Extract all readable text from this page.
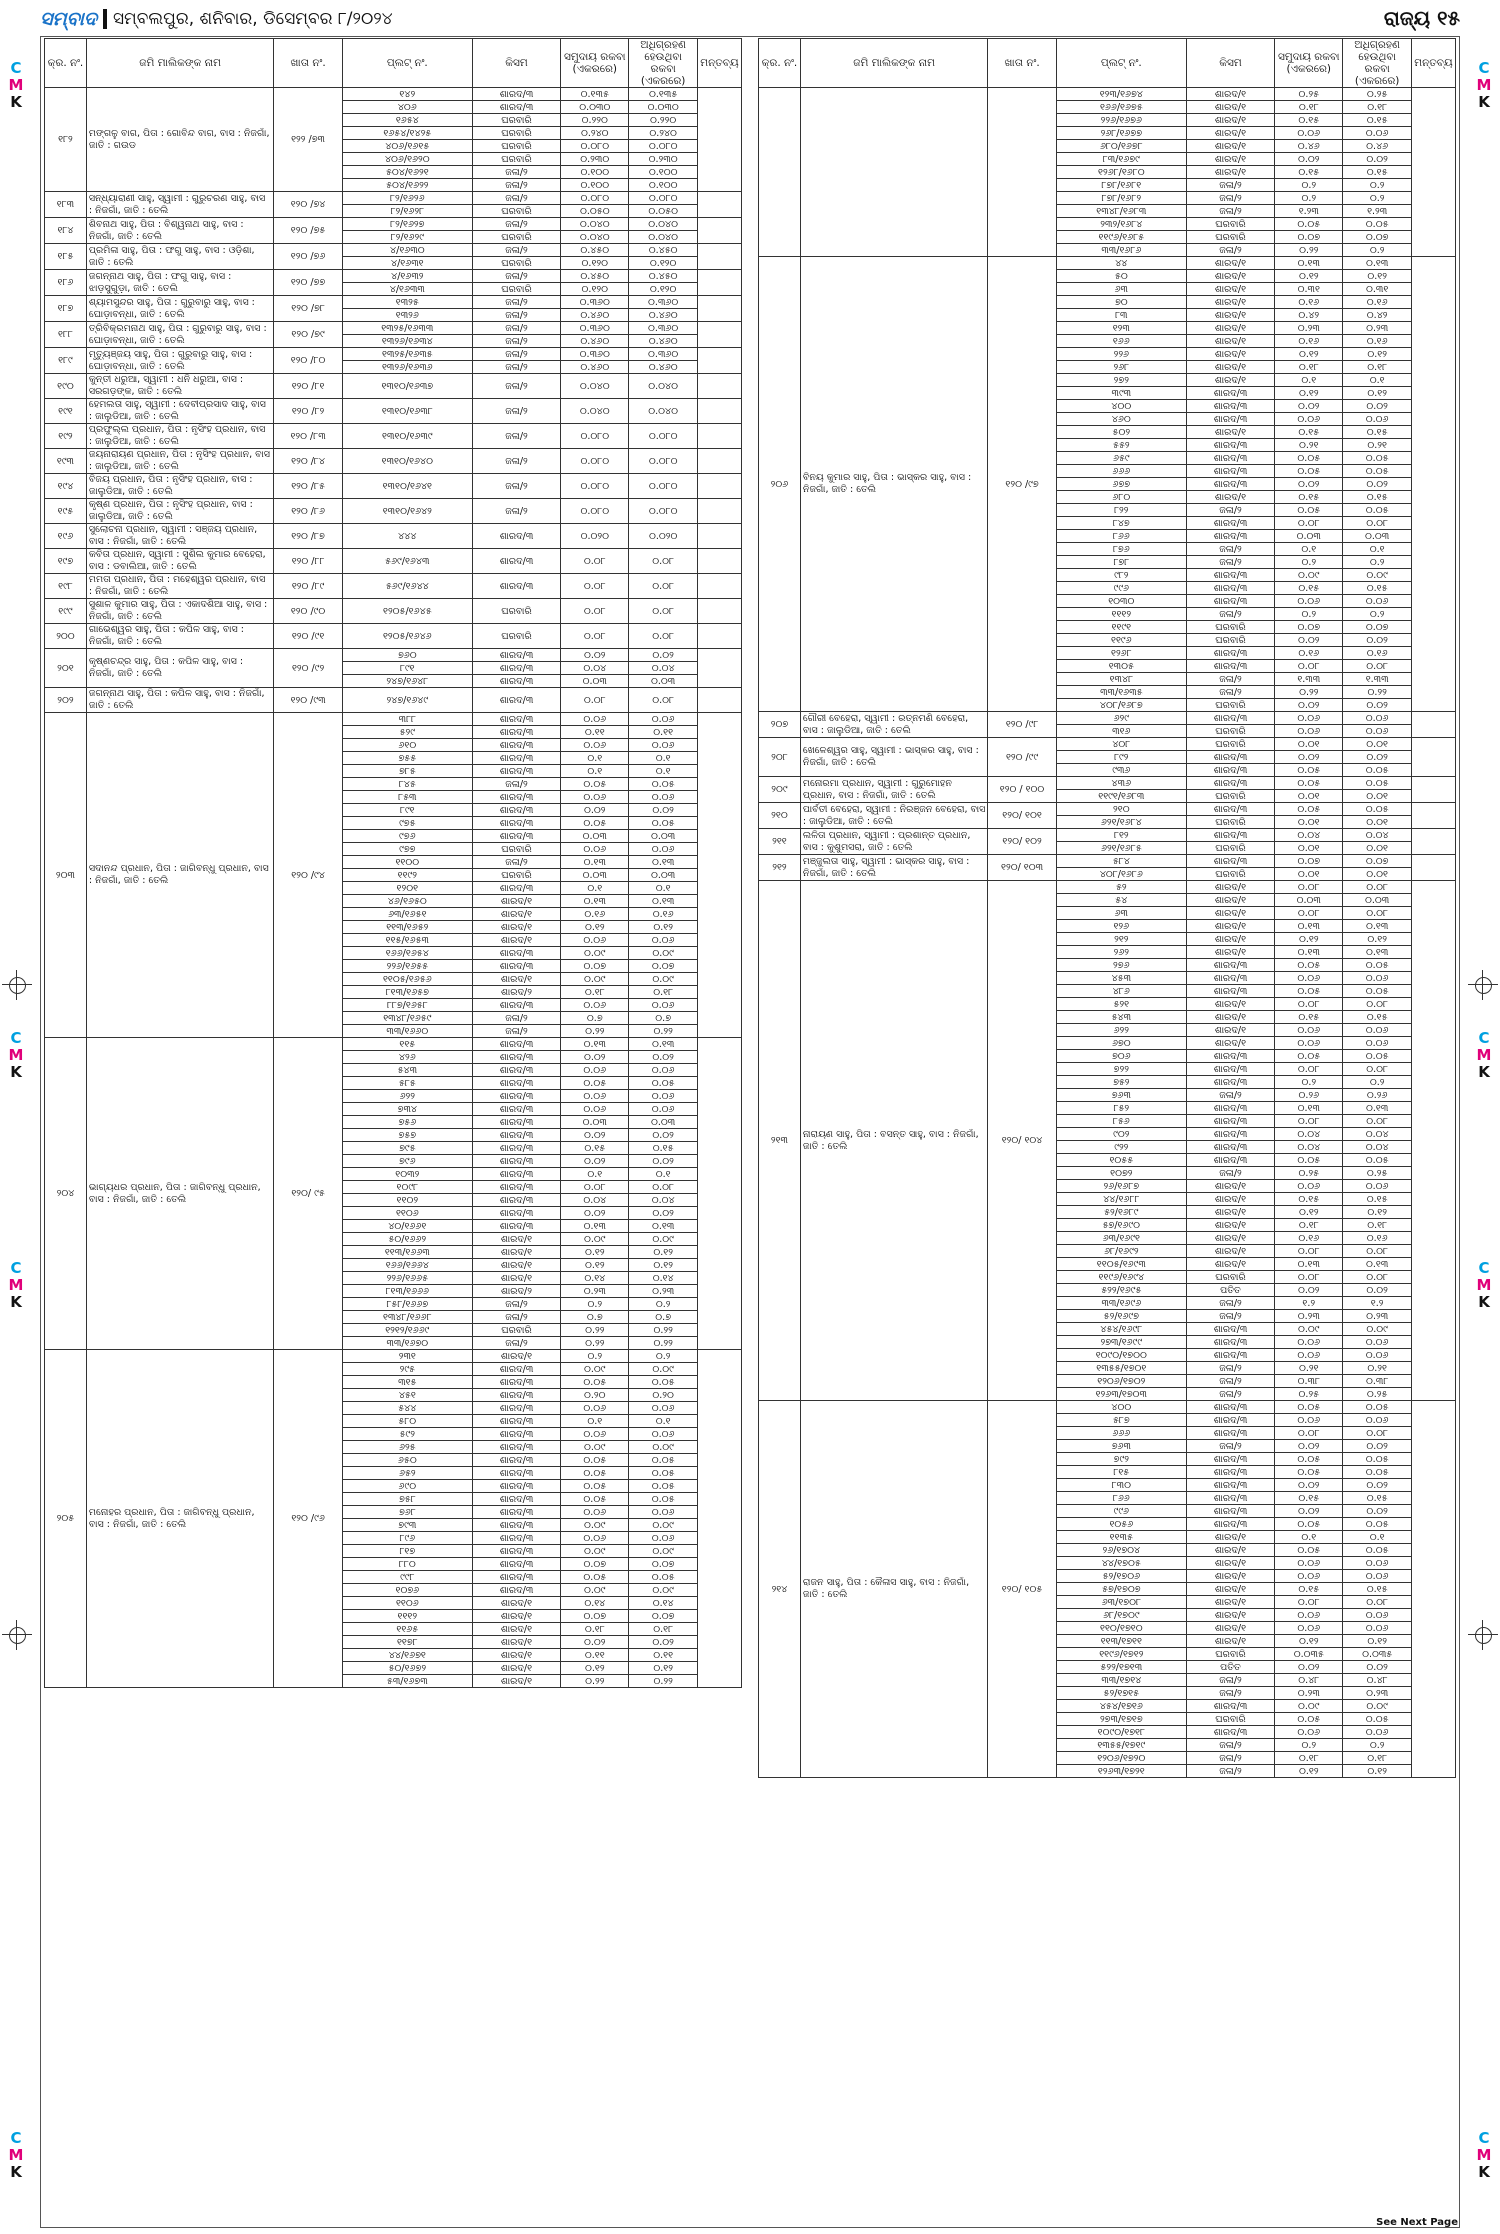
ସମ୍ବାଦ ସମ୍ବଲପୁର, ଶନିବାର, ଡିସେମ୍ବର ୮/୨୦୨୪	ରାଜ୍ୟ ୧୫
କ୍ର. ନଂ.	ଜମି ମାଲିକଙ୍କ ନାମ	ଖାତା ନଂ.	ପ୍ଲଟ୍ ନଂ.	କିସମ	ସମୁଦାୟ ରକବା (ଏକରରେ)	ଅଧିଗ୍ରହଣ ହେଉଥିବା ରକବା (ଏକରରେ)	ମନ୍ତବ୍ୟ
୧୮୨	ମଙ୍ଗଳୁ ବାଗ, ପିତା : ଗୋବିନ୍ଦ ବାଗ, ବାସ : ନିଜଗାଁ, ଜାତି : ଗଉଡ	୧୨୨ /୭୩	୧୪୨	ଶାରଦ/୩	୦.୧୩୫	୦.୧୩୫	
			୪୦୬	ଶାରଦ/୩	୦.୦୩୦	୦.୦୩୦	
			୧୬୫୪	ଘରବାରି	୦.୨୨୦	୦.୨୨୦	
			୧୬୫୪/୧୪୨୫	ଘରବାରି	୦.୨୪୦	୦.୨୪୦	
			୪୦୬/୧୬୧୫	ଘରବାରି	୦.୦୮୦	୦.୦୮୦	
			୪୦୬/୧୬୨୦	ଘରବାରି	୦.୨୩୦	୦.୨୩୦	
			୫୦୪/୧୬୨୧	ଜଳା/୨	୦.୧୦୦	୦.୧୦୦	
			୫୦୪/୧୬୨୨	ଜଳା/୨	୦.୧୦୦	୦.୧୦୦	
୧୮୩	ସନ୍ଧ୍ୟାରାଣୀ ସାହୁ, ସ୍ୱାମୀ : ଗୁରୁଚରଣ ସାହୁ, ବାସ : ନିଜଗାଁ, ଜାତି : ତେଲି	୧୨୦ /୭୪	୮୨/୧୬୨୬	ଜଳା/୨	୦.୦୮୦	୦.୦୮୦	
			୮୨/୧୬୨୮	ଘରବାରି	୦.୦୫୦	୦.୦୫୦	
୧୮୪	ଶିବନାଥ ସାହୁ, ପିତା : ବିଶ୍ୱନାଥ ସାହୁ, ବାସ : ନିଜଗାଁ, ଜାତି : ତେଲି	୧୨୦ /୭୫	୮୨/୧୬୨୭	ଜଳା/୨	୦.୦୪୦	୦.୦୪୦	
			୮୨/୧୬୨୯	ଘରବାରି	୦.୦୪୦	୦.୦୪୦	
୧୮୫	ପ୍ରମିଳା ସାହୁ, ପିତା : ଫଗୁ ସାହୁ, ବାସ : ଓଡ଼ିଶା, ଜାତି : ତେଲି	୧୨୦ /୭୬	୪/୧୬୩୦	ଜଳା/୨	୦.୪୫୦	୦.୪୫୦	
			୪/୧୬୩୧	ଘରବାରି	୦.୧୨୦	୦.୧୨୦	
୧୮୬	ଜଗନ୍ନାଥ ସାହୁ, ପିତା : ଫଗୁ ସାହୁ, ବାସ : ଝାଡ଼ସୁଗୁଡ଼ା, ଜାତି : ତେଲି	୧୨୦ /୭୭	୪/୧୬୩୨	ଜଳା/୨	୦.୪୫୦	୦.୪୫୦	
			୪/୧୬୩୩	ଘରବାରି	୦.୧୨୦	୦.୧୨୦	
୧୮୭	ଶ୍ୟାମସୁନ୍ଦର ସାହୁ, ପିତା : ଗୁରୁବାରୁ ସାହୁ, ବାସ : ଘୋଡ଼ାବନ୍ଧା, ଜାତି : ତେଲି	୧୨୦ /୭୮	୧୩୨୫	ଜଳା/୨	୦.୩୬୦	୦.୩୬୦	
			୧୩୨୬	ଜଳା/୨	୦.୪୬୦	୦.୪୬୦	
୧୮୮	ତ୍ରିବିକ୍ରମନାଥ ସାହୁ, ପିତା : ଗୁରୁବାରୁ ସାହୁ, ବାସ : ଘୋଡ଼ାବନ୍ଧା, ଜାତି : ତେଲି	୧୨୦ /୭୯	୧୩୨୫/୧୬୩୩	ଜଳା/୨	୦.୩୬୦	୦.୩୬୦	
			୧୩୨୬/୧୬୩୪	ଜଳା/୨	୦.୪୬୦	୦.୪୬୦	
୧୮୯	ମୃତ୍ୟୁଞ୍ଜୟ ସାହୁ, ପିତା : ଗୁରୁବାରୁ ସାହୁ, ବାସ : ଘୋଡ଼ାବନ୍ଧା, ଜାତି : ତେଲି	୧୨୦ /୮୦	୧୩୨୫/୧୬୩୫	ଜଳା/୨	୦.୩୬୦	୦.୩୬୦	
			୧୩୨୬/୧୬୩୬	ଜଳା/୨	୦.୪୬୦	୦.୪୬୦	
୧୯୦	କୁନ୍ତୀ ଧରୁଆ, ସ୍ୱାମୀ : ଧନି ଧରୁଆ, ବାସ : ସରଗଡ଼ଙ୍କ, ଜାତି : ତେଲି	୧୨୦ /୮୧	୧୩୧୦/୧୬୩୭	ଜଳା/୨	୦.୦୪୦	୦.୦୪୦	
୧୯୧	ହେମଲତା ସାହୁ, ସ୍ୱାମୀ : ଦେବୀପ୍ରସାଦ ସାହୁ, ବାସ : ଜାଲୁଡିଆ, ଜାତି : ତେଲି	୧୨୦ /୮୨	୧୩୧୦/୧୬୩୮	ଜଳା/୨	୦.୦୪୦	୦.୦୪୦	
୧୯୨	ପ୍ରଫୁଲ୍ଲ ପ୍ରଧାନ, ପିତା : ନୃସିଂହ ପ୍ରଧାନ, ବାସ : ଜାଲୁଡିଆ, ଜାତି : ତେଲି	୧୨୦ /୮୩	୧୩୧୦/୧୬୩୯	ଜଳା/୨	୦.୦୮୦	୦.୦୮୦	
୧୯୩	ଜୟନାରାୟଣ ପ୍ରଧାନ, ପିତା : ନୃସିଂହ ପ୍ରଧାନ, ବାସ : ଜାଲୁଡିଆ, ଜାତି : ତେଲି	୧୨୦ /୮୪	୧୩୧୦/୧୬୪୦	ଜଳା/୨	୦.୦୮୦	୦.୦୮୦	
୧୯୪	ବିଜୟ ପ୍ରଧାନ, ପିତା : ନୃସିଂହ ପ୍ରଧାନ, ବାସ : ଜାଲୁଡିଆ, ଜାତି : ତେଲି	୧୨୦ /୮୫	୧୩୧୦/୧୬୪୧	ଜଳା/୨	୦.୦୮୦	୦.୦୮୦	
୧୯୫	କୃଷ୍ଣ ପ୍ରଧାନ, ପିତା : ନୃସିଂହ ପ୍ରଧାନ, ବାସ : ଜାଲୁଡିଆ, ଜାତି : ତେଲି	୧୨୦ /୮୬	୧୩୧୦/୧୬୪୨	ଜଳା/୨	୦.୦୮୦	୦.୦୮୦	
୧୯୬	ସୁଲୋଚନା ପ୍ରଧାନ, ସ୍ୱାମୀ : ସଞ୍ଜୟ ପ୍ରଧାନ, ବାସ : ନିଜଗାଁ, ଜାତି : ତେଲି	୧୨୦ /୮୭	୪୪୪	ଶାରଦ/୩	୦.୦୨୦	୦.୦୨୦	
୧୯୭	କବିତା ପ୍ରଧାନ, ସ୍ୱାମୀ : ସୁଶିଲ କୁମାର ବେହେରା, ବାସ : ଡବାଲିଆ, ଜାତି : ତେଲି	୧୨୦ /୮୮	୫୬୯/୧୬୪୩	ଶାରଦ/୩	୦.୦୮	୦.୦୮	
୧୯୮	ମମତା ପ୍ରଧାନ, ପିତା : ମହେଶ୍ୱର ପ୍ରଧାନ, ବାସ : ନିଜଗାଁ, ଜାତି : ତେଲି	୧୨୦ /୮୯	୫୬୯/୧୬୪୪	ଶାରଦ/୩	୦.୦୮	୦.୦୮	
୧୯୯	ସୁଶାଳ କୁମାର ସାହୁ, ପିତା : ଏକାଦଶିଆ ସାହୁ, ବାସ : ନିଜଗାଁ, ଜାତି : ତେଲି	୧୨୦ /୯୦	୧୨୦୫/୧୬୪୫	ଘରବାରି	୦.୦୮	୦.୦୮	
୨୦୦	ଗାଭେଶ୍ୱର ସାହୁ, ପିତା : କପିଳ ସାହୁ, ବାସ : ନିଜଗାଁ, ଜାତି : ତେଲି	୧୨୦ /୯୧	୧୨୦୫/୧୬୪୬	ଘରବାରି	୦.୦୮	୦.୦୮	
୨୦୧	କୃଷ୍ଣଚନ୍ଦ୍ର ସାହୁ, ପିତା : କପିଳ ସାହୁ, ବାସ : ନିଜଗାଁ, ଜାତି : ତେଲି	୧୨୦ /୯୨	୭୬୦	ଶାରଦ/୩	୦.୦୨	୦.୦୨	
			୮୯୧	ଶାରଦ/୩	୦.୦୪	୦.୦୪	
			୨୪୭/୧୬୪୮	ଶାରଦ/୩	୦.୦୩	୦.୦୩	
୨୦୨	ଜଗନ୍ନାଥ ସାହୁ, ପିତା : କପିଳ ସାହୁ, ବାସ : ନିଜଗାଁ, ଜାତି : ତେଲି	୧୨୦ /୯୩	୨୪୭/୧୬୪୯	ଶାରଦ/୩	୦.୦୮	୦.୦୮	
୨୦୩	ସଦାନନ୍ଦ ପ୍ରଧାନ, ପିତା : ଜାଗିବନ୍ଧୁ ପ୍ରଧାନ, ବାସ : ନିଜଗାଁ, ଜାତି : ତେଲି	୧୨୦ /୯୪	୩୮୮	ଶାରଦ/୩	୦.୦୬	୦.୦୬	
			୫୨୯	ଶାରଦ/୩	୦.୧୧	୦.୧୧	
			୬୧୦	ଶାରଦ/୩	୦.୦୬	୦.୦୬	
			୭୫୫	ଶାରଦ/୩	୦.୧	୦.୧	
			୭୮୫	ଶାରଦ/୩	୦.୧	୦.୧	
			୮୪୫	ଜଳା/୨	୦.୦୫	୦.୦୫	
			୮୫୩	ଶାରଦ/୩	୦.୦୬	୦.୦୬	
			୮୯୧	ଶାରଦ/୩	୦.୦୨	୦.୦୨	
			୯୭୫	ଶାରଦ/୩	୦.୦୫	୦.୦୫	
			୯୭୬	ଶାରଦ/୩	୦.୦୩	୦.୦୩	
			୯୭୭	ଘରବାରି	୦.୦୬	୦.୦୬	
			୧୧୦୦	ଜଳା/୨	୦.୧୩	୦.୧୩	
			୧୧୯୨	ଘରବାରି	୦.୦୩	୦.୦୩	
			୧୨୦୧	ଶାରଦ/୩	୦.୧	୦.୧	
			୪୬/୧୬୫୦	ଶାରଦ/୧	୦.୧୩	୦.୧୩	
			୬୩/୧୬୫୧	ଶାରଦ/୧	୦.୧୬	୦.୧୬	
			୧୧୩/୧୬୫୨	ଶାରଦ/୧	୦.୧୨	୦.୧୨	
			୧୧୫/୧୬୫୩	ଶାରଦ/୧	୦.୦୬	୦.୦୬	
			୧୬୬/୧୬୫୪	ଶାରଦ/୩	୦.୦୯	୦.୦୯	
			୨୨୬/୧୬୫୫	ଶାରଦ/୩	୦.୦୭	୦.୦୭	
			୧୧୦୫/୧୬୫୬	ଶାରଦ/୧	୦.୦୯	୦.୦୯	
			୮୧୩/୧୬୫୭	ଶାରଦ/୨	୦.୧୮	୦.୧୮	
			୮୮୭/୧୬୫୮	ଶାରଦ/୩	୦.୦୬	୦.୦୬	
			୧୩୪୮/୧୬୫୯	ଜଳା/୨	୦.୭	୦.୭	
			୩୩/୧୬୬୦	ଜଳା/୨	୦.୨୨	୦.୨୨	
୨୦୪	ଭାଗ୍ୟଧର ପ୍ରଧାନ, ପିତା : ଜାଗିବନ୍ଧୁ ପ୍ରଧାନ, ବାସ : ନିଜଗାଁ, ଜାତି : ତେଲି	୧୨୦/ ୯୫	୧୧୫	ଶାରଦ/୩	୦.୧୩	୦.୧୩	
			୪୨୬	ଶାରଦ/୩	୦.୦୨	୦.୦୨	
			୫୪୩	ଶାରଦ/୩	୦.୦୬	୦.୦୬	
			୫୮୫	ଶାରଦ/୩	୦.୦୫	୦.୦୫	
			୬୨୨	ଶାରଦ/୩	୦.୦୬	୦.୦୬	
			୭୩୪	ଶାରଦ/୩	୦.୦୬	୦.୦୬	
			୭୫୬	ଶାରଦ/୩	୦.୦୩	୦.୦୩	
			୭୫୭	ଶାରଦ/୩	୦.୦୨	୦.୦୨	
			୭୯୫	ଶାରଦ/୩	୦.୧୫	୦.୧୫	
			୭୯୬	ଶାରଦ/୩	୦.୦୨	୦.୦୨	
			୧୦୩୨	ଶାରଦ/୩	୦.୧	୦.୧	
			୧୦୯୮	ଶାରଦ/୩	୦.୦୮	୦.୦୮	
			୧୧୦୨	ଶାରଦ/୩	୦.୦୪	୦.୦୪	
			୧୧୦୬	ଶାରଦ/୩	୦.୦୨	୦.୦୨	
			୪୦/୧୬୬୧	ଶାରଦ/୩	୦.୧୩	୦.୧୩	
			୫୦/୧୬୬୨	ଶାରଦ/୧	୦.୦୯	୦.୦୯	
			୧୧୩/୧୬୬୩	ଶାରଦ/୧	୦.୧୨	୦.୧୨	
			୧୬୬/୧୬୬୪	ଶାରଦ/୧	୦.୧୨	୦.୧୨	
			୨୨୬/୧୬୬୫	ଶାରଦ/୧	୦.୧୪	୦.୧୪	
			୮୧୩/୧୬୬୬	ଶାରଦ/୨	୦.୨୩	୦.୨୩	
			୮୫୮/୧୬୬୭	ଜଳା/୨	୦.୨	୦.୨	
			୧୩୪୮/୧୬୬୮	ଜଳା/୨	୦.୭	୦.୭	
			୧୨୧୨/୧୬୬୯	ଘରବାରି	୦.୨୨	୦.୨୨	
			୩୩/୧୬୭୦	ଜଳା/୨	୦.୨୨	୦.୨୨	
୨୦୫	ମନୋହର ପ୍ରଧାନ, ପିତା : ଜାଗିବନ୍ଧୁ ପ୍ରଧାନ, ବାସ : ନିଜଗାଁ, ଜାତି : ତେଲି	୧୨୦ /୯୬	୨୩୧	ଶାରଦ/୧	୦.୨	୦.୨	
			୨୯୫	ଶାରଦ/୩	୦.୦୯	୦.୦୯	
			୩୧୫	ଶାରଦ/୩	୦.୦୫	୦.୦୫	
			୪୫୧	ଶାରଦ/୩	୦.୨୦	୦.୨୦	
			୫୪୪	ଶାରଦ/୩	୦.୦୬	୦.୦୬	
			୫୮୦	ଶାରଦ/୩	୦.୧	୦.୧	
			୫୯୨	ଶାରଦ/୩	୦.୦୬	୦.୦୬	
			୬୨୫	ଶାରଦ/୩	୦.୦୯	୦.୦୯	
			୬୫୦	ଶାରଦ/୩	୦.୦୫	୦.୦୫	
			୬୫୨	ଶାରଦ/୩	୦.୦୫	୦.୦୫	
			୬୯୦	ଶାରଦ/୩	୦.୦୫	୦.୦୫	
			୭୫୮	ଶାରଦ/୩	୦.୦୫	୦.୦୫	
			୭୬୮	ଶାରଦ/୩	୦.୦୬	୦.୦୬	
			୭୯୩	ଶାରଦ/୩	୦.୦୯	୦.୦୯	
			୮୯୬	ଶାରଦ/୩	୦.୦୬	୦.୦୬	
			୮୧୭	ଶାରଦ/୩	୦.୦୯	୦.୦୯	
			୮୮୦	ଶାରଦ/୩	୦.୦୭	୦.୦୭	
			୯୯୮	ଶାରଦ/୩	୦.୦୫	୦.୦୫	
			୧୦୭୬	ଶାରଦ/୩	୦.୦୯	୦.୦୯	
			୧୧୦୬	ଶାରଦ/୧	୦.୧୪	୦.୧୪	
			୧୧୧୨	ଶାରଦ/୧	୦.୦୭	୦.୦୭	
			୧୧୬୫	ଶାରଦ/୧	୦.୧୮	୦.୧୮	
			୧୧୭୮	ଶାରଦ/୧	୦.୦୨	୦.୦୨	
			୪୪/୧୬୭୧	ଶାରଦ/୧	୦.୧୧	୦.୧୧	
			୫୦/୧୬୭୨	ଶାରଦ/୧	୦.୧୨	୦.୧୨	
			୫୩/୧୬୭୩	ଶାରଦ/୧	୦.୨୨	୦.୨୨	
କ୍ର. ନଂ.	ଜମି ମାଲିକଙ୍କ ନାମ	ଖାତା ନଂ.	ପ୍ଲଟ୍ ନଂ.	କିସମ	ସମୁଦାୟ ରକବା (ଏକରରେ)	ଅଧିଗ୍ରହଣ ହେଉଥିବା ରକବା (ଏକରରେ)	ମନ୍ତବ୍ୟ
			୧୨୩/୧୬୭୪	ଶାରଦ/୧	୦.୨୫	୦.୨୫	
			୧୬୬/୧୬୭୫	ଶାରଦ/୧	୦.୧୮	୦.୧୮	
			୨୨୬/୧୬୭୬	ଶାରଦ/୧	୦.୧୫	୦.୧୫	
			୨୬୮/୧୬୭୭	ଶାରଦ/୧	୦.୦୬	୦.୦୬	
			୬୮୦/୧୬୭୮	ଶାରଦ/୧	୦.୪୬	୦.୪୬	
			୮୩/୧୬୭୯	ଶାରଦ/୧	୦.୦୨	୦.୦୨	
			୧୨୬୮/୧୬୮୦	ଶାରଦ/୧	୦.୧୫	୦.୧୫	
			୮୭୮/୧୬୮୧	ଜଳା/୨	୦.୨	୦.୨	
			୮୭୮/୧୬୮୨	ଜଳା/୨	୦.୨	୦.୨	
			୧୩୪୮/୧୬୮୩	ଜଳା/୨	୧.୨୩	୧.୨୩	
			୨୩୨/୧୬୮୪	ଘରବାରି	୦.୦୫	୦.୦୫	
			୧୧୯୬/୧୬୮୫	ଘରବାରି	୦.୦୭	୦.୦୭	
			୩୩/୧୬୮୬	ଜଳା/୨	୦.୨୨	୦.୨	
୨୦୬	ବିନୟ କୁମାର ସାହୁ, ପିତା : ଭାସ୍କର ସାହୁ, ବାସ : ନିଜଗାଁ, ଜାତି : ତେଲି	୧୨୦ /୯୭	୪୪	ଶାରଦ/୧	୦.୧୩	୦.୧୩	
			୫୦	ଶାରଦ/୧	୦.୧୨	୦.୧୨	
			୬୩	ଶାରଦ/୧	୦.୩୧	୦.୩୧	
			୭୦	ଶାରଦ/୧	୦.୧୬	୦.୧୬	
			୮୩	ଶାରଦ/୧	୦.୪୨	୦.୪୨	
			୧୨୩	ଶାରଦ/୧	୦.୨୩	୦.୨୩	
			୧୬୬	ଶାରଦ/୧	୦.୧୬	୦.୧୬	
			୨୨୬	ଶାରଦ/୧	୦.୧୨	୦.୧୨	
			୨୬୮	ଶାରଦ/୧	୦.୧୮	୦.୧୮	
			୨୭୨	ଶାରଦ/୧	୦.୧	୦.୧	
			୩୯୩	ଶାରଦ/୩	୦.୧୨	୦.୧୨	
			୪୦୦	ଶାରଦ/୩	୦.୦୨	୦.୦୨	
			୪୬୦	ଶାରଦ/୩	୦.୦୬	୦.୦୬	
			୫୦୨	ଶାରଦ/୧	୦.୧୫	୦.୧୫	
			୫୫୨	ଶାରଦ/୩	୦.୨୧	୦.୨୧	
			୬୫୯	ଶାରଦ/୩	୦.୦୫	୦.୦୫	
			୬୬୬	ଶାରଦ/୩	୦.୦୫	୦.୦୫	
			୬୭୭	ଶାରଦ/୩	୦.୦୨	୦.୦୨	
			୬୮୦	ଶାରଦ/୧	୦.୧୫	୦.୧୫	
			୮୨୨	ଜଳା/୨	୦.୦୫	୦.୦୫	
			୮୪୭	ଶାରଦ/୩	୦.୦୮	୦.୦୮	
			୮୬୬	ଶାରଦ/୩	୦.୦୩	୦.୦୩	
			୮୭୬	ଜଳା/୨	୦.୧	୦.୧	
			୮୭୮	ଜଳା/୨	୦.୨	୦.୨	
			୯୮୨	ଶାରଦ/୩	୦.୦୯	୦.୦୯	
			୯୯୬	ଶାରଦ/୩	୦.୧୫	୦.୧୫	
			୧୦୩୦	ଶାରଦ/୩	୦.୦୬	୦.୦୬	
			୧୧୧୨	ଜଳା/୨	୦.୨	୦.୨	
			୧୧୯୧	ଘରବାରି	୦.୦୭	୦.୦୭	
			୧୧୯୬	ଘରବାରି	୦.୦୨	୦.୦୨	
			୧୨୬୮	ଶାରଦ/୩	୦.୧୬	୦.୧୬	
			୧୩୦୫	ଶାରଦ/୩	୦.୦୮	୦.୦୮	
			୧୩୪୮	ଜଳା/୨	୧.୩୩	୧.୩୩	
			୩୩/୧୬୩୫	ଜଳା/୨	୦.୨୨	୦.୨୨	
			୪୦୮/୧୬୮୭	ଘରବାରି	୦.୦୨	୦.୦୨	
୨୦୭	ଗୌରୀ ବେହେରା, ସ୍ୱାମୀ : ରତ୍ନମଣି ବେହେରା, ବାସ : ଜାଲୁଡିଆ, ଜାତି : ତେଲି	୧୨୦ /୯୮	୬୨୯	ଶାରଦ/୩	୦.୦୬	୦.୦୬	
			୩୧୬	ଘରବାରି	୦.୦୬	୦.୦୬	
୨୦୮	ଖେଳେଶ୍ୱର ସାହୁ, ସ୍ୱାମୀ : ଭାସ୍କର ସାହୁ, ବାସ : ନିଜଗାଁ, ଜାତି : ତେଲି	୧୨୦ /୯୯	୪୦୮	ଘରବାରି	୦.୦୧	୦.୦୧	
			୮୯୨	ଶାରଦ/୩	୦.୦୨	୦.୦୨	
			୯୩୬	ଶାରଦ/୩	୦.୦୫	୦.୦୫	
୨୦୯	ମନୋରମା ପ୍ରଧାନ, ସ୍ୱାମୀ : ଗୁରୁମୋହନ ପ୍ରଧାନ, ବାସ : ନିଜଗାଁ, ଜାତି : ତେଲି	୧୨୦ / ୧୦୦	୪୩୬	ଶାରଦ/୩	୦.୦୫	୦.୦୫	
			୧୧୯୧/୧୬୮୩	ଘରବାରି	୦.୦୧	୦.୦୧	
୨୧୦	ପାର୍ବତୀ ବେହେରା, ସ୍ୱାମୀ : ନିରଞ୍ଜନ ବେହେରା, ବାସ : ଜାଲୁଡିଆ, ଜାତି : ତେଲି	୧୨୦/ ୧୦୧	୨୧୦	ଶାରଦ/୩	୦.୦୫	୦.୦୫	
			୬୨୧/୧୬୮୪	ଘରବାରି	୦.୦୧	୦.୦୧	
୨୧୧	ଲଳିତା ପ୍ରଧାନ, ସ୍ୱାମୀ : ପ୍ରଶାନ୍ତ ପ୍ରଧାନ, ବାସ : କୁଶୁମସରା, ଜାତି : ତେଲି	୧୨୦/ ୧୦୨	୮୧୨	ଶାରଦ/୩	୦.୦୪	୦.୦୪	
			୬୨୧/୧୬୮୫	ଘରବାରି	୦.୦୧	୦.୦୧	
୨୧୨	ମଞ୍ଜୁଲତା ସାହୁ, ସ୍ୱାମୀ : ଭାସ୍କର ସାହୁ, ବାସ : ନିଜଗାଁ, ଜାତି : ତେଲି	୧୨୦/ ୧୦୩	୫୮୪	ଶାରଦ/୩	୦.୦୭	୦.୦୭	
			୪୦୮/୧୬୮୬	ଘରବାରି	୦.୦୧	୦.୦୧	
୨୧୩	ନାରାୟଣ ସାହୁ, ପିତା : ବସନ୍ତ ସାହୁ, ବାସ : ନିଜଗାଁ, ଜାତି : ତେଲି	୧୨୦/ ୧୦୪	୫୨	ଶାରଦ/୧	୦.୦୮	୦.୦୮	
			୫୪	ଶାରଦ/୧	୦.୦୩	୦.୦୩	
			୬୩	ଶାରଦ/୧	୦.୦୮	୦.୦୮	
			୧୨୬	ଶାରଦ/୧	୦.୧୩	୦.୧୩	
			୨୧୨	ଶାରଦ/୧	୦.୧୨	୦.୧୨	
			୨୬୨	ଶାରଦ/୧	୦.୧୩	୦.୧୩	
			୨୭୬	ଶାରଦ/୩	୦.୦୫	୦.୦୫	
			୪୫୩	ଶାରଦ/୩	୦.୦୬	୦.୦୬	
			୪୮୬	ଶାରଦ/୩	୦.୦୫	୦.୦୫	
			୫୨୧	ଶାରଦ/୧	୦.୦୮	୦.୦୮	
			୫୪୩	ଶାରଦ/୧	୦.୧୫	୦.୧୫	
			୬୨୨	ଶାରଦ/୧	୦.୦୬	୦.୦୬	
			୬୭୦	ଶାରଦ/୧	୦.୦୬	୦.୦୬	
			୭୦୬	ଶାରଦ/୩	୦.୦୫	୦.୦୫	
			୭୨୨	ଶାରଦ/୩	୦.୦୮	୦.୦୮	
			୭୫୨	ଶାରଦ/୩	୦.୨	୦.୨	
			୭୬୩	ଜଳା/୨	୦.୨୬	୦.୨୬	
			୮୫୨	ଶାରଦ/୩	୦.୧୩	୦.୧୩	
			୮୫୬	ଶାରଦ/୩	୦.୦୮	୦.୦୮	
			୯୦୨	ଶାରଦ/୩	୦.୦୪	୦.୦୪	
			୯୨୨	ଶାରଦ/୩	୦.୦୪	୦.୦୪	
			୧୦୫୫	ଶାରଦ/୩	୦.୦୫	୦.୦୫	
			୧୦୭୨	ଜଳା/୨	୦.୨୫	୦.୨୫	
			୨୬/୧୬୮୭	ଶାରଦ/୧	୦.୦୬	୦.୦୬	
			୪୪/୧୬୮୮	ଶାରଦ/୧	୦.୧୫	୦.୧୫	
			୫୨/୧୬୮୯	ଶାରଦ/୧	୦.୧୨	୦.୧୨	
			୫୭/୧୬୯୦	ଶାରଦ/୧	୦.୧୮	୦.୧୮	
			୬୩/୧୬୯୧	ଶାରଦ/୧	୦.୧୬	୦.୧୬	
			୬୮/୧୬୯୨	ଶାରଦ/୧	୦.୦୮	୦.୦୮	
			୧୧୦୫/୧୬୯୩	ଶାରଦ/୧	୦.୧୩	୦.୧୩	
			୧୧୯୬/୧୬୯୪	ଘରବାରି	୦.୦୮	୦.୦୮	
			୫୨୨/୧୬୯୫	ପତିତ	୦.୦୨	୦.୦୨	
			୩୩/୧୬୯୬	ଜଳା/୨	୧.୨	୧.୨	
			୫୨/୧୬୯୭	ଜଳା/୨	୦.୨୩	୦.୨୩	
			୪୫୪/୧୬୯୮	ଶାରଦ/୩	୦.୦୯	୦.୦୯	
			୨୭୩/୧୬୯୯	ଶାରଦ/୩	୦.୦୬	୦.୦୬	
			୧୦୯୦/୧୭୦୦	ଶାରଦ/୩	୦.୦୬	୦.୦୬	
			୧୩୫୫/୧୭୦୧	ଜଳା/୨	୦.୨୧	୦.୨୧	
			୧୨୦୬/୧୭୦୨	ଜଳା/୨	୦.୩୮	୦.୩୮	
			୧୨୬୩/୧୭୦୩	ଜଳା/୨	୦.୨୫	୦.୨୫	
୨୧୪	ରାଜନ ସାହୁ, ପିତା : କୈଳାସ ସାହୁ, ବାସ : ନିଜଗାଁ, ଜାତି : ତେଲି	୧୨୦/ ୧୦୫	୪୦୦	ଶାରଦ/୩	୦.୦୫	୦.୦୫	
			୫୮୭	ଶାରଦ/୩	୦.୦୬	୦.୦୬	
			୬୬୬	ଶାରଦ/୩	୦.୦୮	୦.୦୮	
			୭୬୩	ଜଳା/୨	୦.୦୨	୦.୦୨	
			୭୯୨	ଶାରଦ/୩	୦.୦୫	୦.୦୫	
			୮୧୫	ଶାରଦ/୩	୦.୦୫	୦.୦୫	
			୮୩୦	ଶାରଦ/୩	୦.୦୨	୦.୦୨	
			୮୬୬	ଶାରଦ/୩	୦.୧୫	୦.୧୫	
			୯୯୬	ଶାରଦ/୩	୦.୦୨	୦.୦୨	
			୧୦୫୬	ଶାରଦ/୩	୦.୦୫	୦.୦୫	
			୧୧୩୫	ଶାରଦ/୧	୦.୧	୦.୧	
			୨୬/୧୭୦୪	ଶାରଦ/୧	୦.୦୫	୦.୦୫	
			୪୪/୧୭୦୫	ଶାରଦ/୧	୦.୦୬	୦.୦୬	
			୫୨/୧୭୦୬	ଶାରଦ/୧	୦.୦୬	୦.୦୬	
			୫୭/୧୭୦୭	ଶାରଦ/୧	୦.୧୫	୦.୧୫	
			୬୩/୧୭୦୮	ଶାରଦ/୧	୦.୦୮	୦.୦୮	
			୬୮/୧୭୦୯	ଶାରଦ/୧	୦.୦୬	୦.୦୬	
			୧୧୦/୧୭୧୦	ଶାରଦ/୧	୦.୦୬	୦.୦୬	
			୧୧୩/୧୭୧୧	ଶାରଦ/୧	୦.୧୨	୦.୧୨	
			୧୧୯୬/୧୭୧୨	ଘରବାରି	୦.୦୩୫	୦.୦୩୫	
			୫୨୨/୧୭୧୩	ପତିତ	୦.୦୨	୦.୦୨	
			୩୩/୧୭୧୪	ଜଳା/୨	୦.୪୮	୦.୪୮	
			୫୨/୧୭୧୫	ଜଳା/୨	୦.୨୩	୦.୨୩	
			୪୫୪/୧୭୧୬	ଶାରଦ/୩	୦.୦୯	୦.୦୯	
			୨୭୩/୧୭୧୭	ଘରବାରି	୦.୦୫	୦.୦୫	
			୧୦୯୦/୧୭୧୮	ଶାରଦ/୩	୦.୦୬	୦.୦୬	
			୧୩୫୫/୧୭୧୯	ଜଳା/୨	୦.୨	୦.୨	
			୧୨୦୬/୧୭୨୦	ଜଳା/୨	୦.୧୮	୦.୧୮	
			୧୨୬୩/୧୭୨୧	ଜଳା/୨	୦.୧୨	୦.୧୨	
C
M
K
C
M
K
C
M
K
C
M
K
C
M
K
C
M
K
C
M
K
C
M
K
See Next Page
